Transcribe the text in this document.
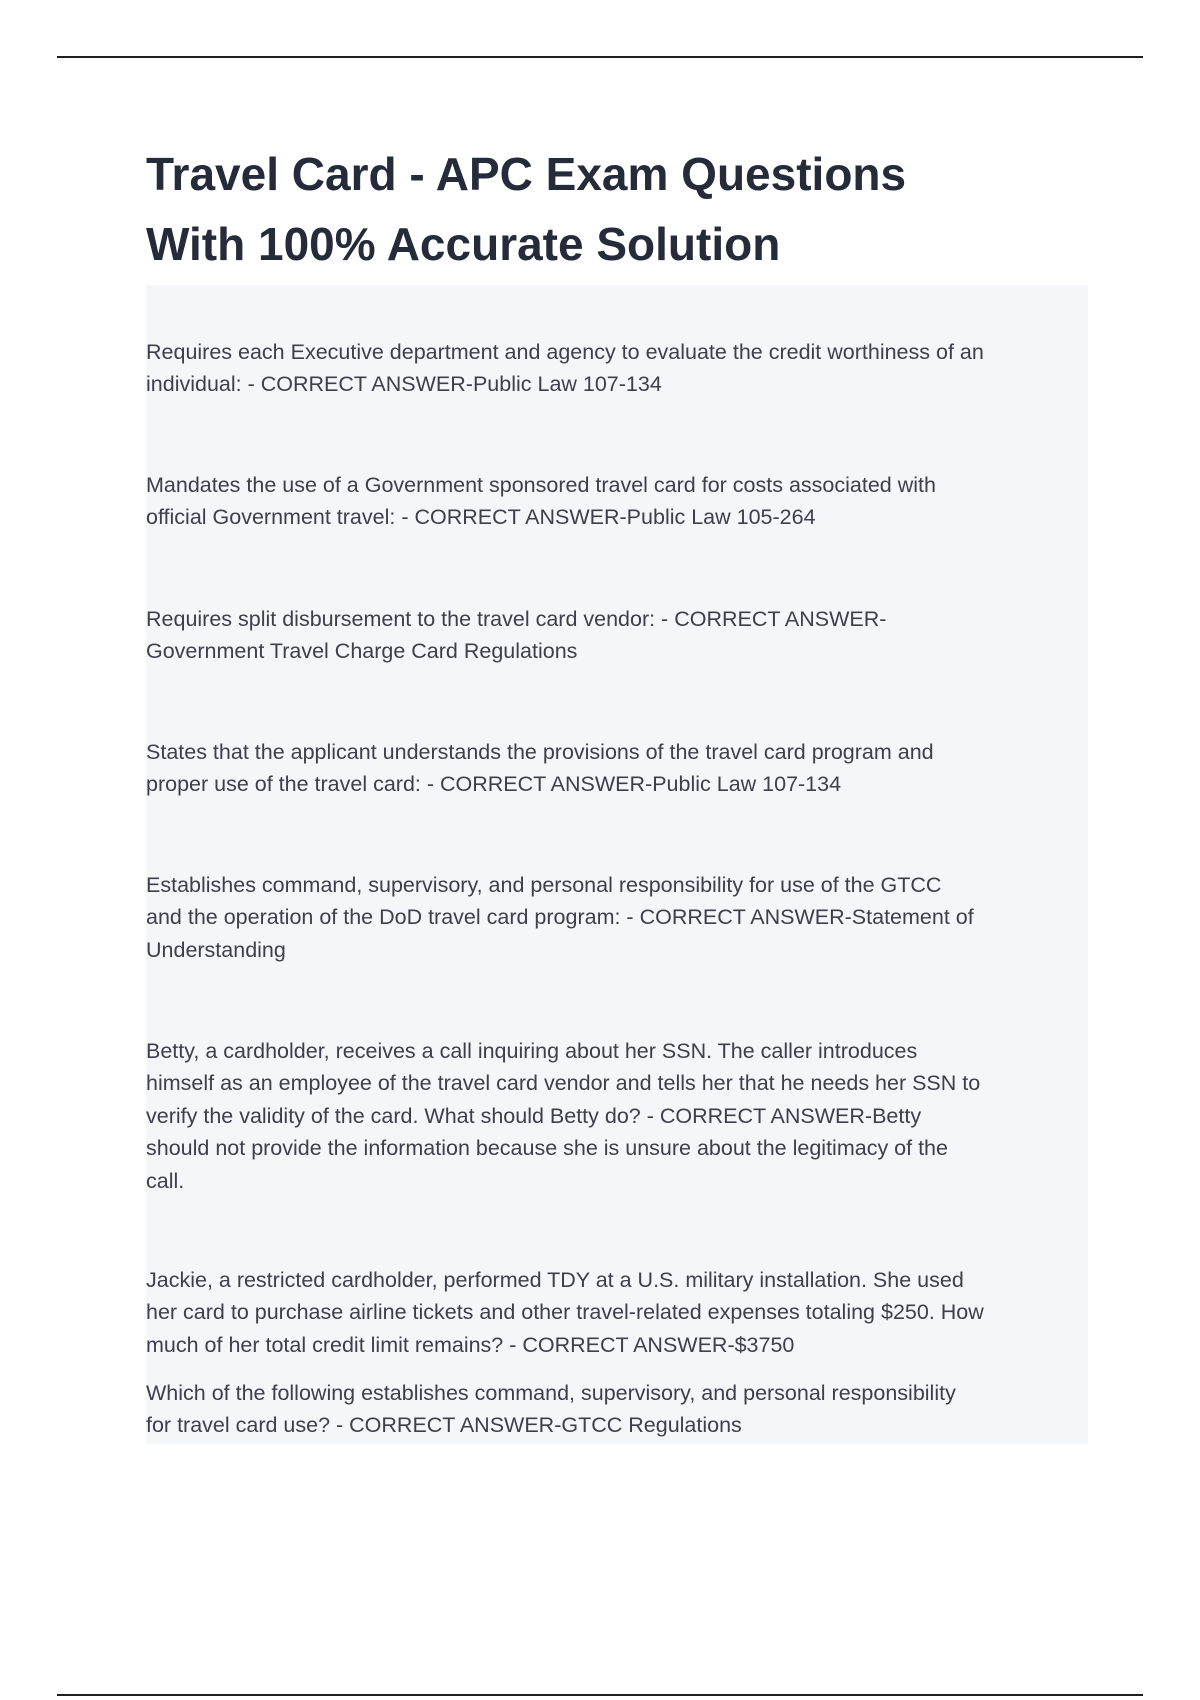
Travel Card - APC Exam Questions
With 100% Accurate Solution

Requires each Executive department and agency to evaluate the credit worthiness of an
individual: - CORRECT ANSWER-Public Law 107-134

Mandates the use of a Government sponsored travel card for costs associated with
official Government travel: - CORRECT ANSWER-Public Law 105-264

Requires split disbursement to the travel card vendor: - CORRECT ANSWER-
Government Travel Charge Card Regulations

States that the applicant understands the provisions of the travel card program and
proper use of the travel card: - CORRECT ANSWER-Public Law 107-134

Establishes command, supervisory, and personal responsibility for use of the GTCC
and the operation of the DoD travel card program: - CORRECT ANSWER-Statement of
Understanding

Betty, a cardholder, receives a call inquiring about her SSN. The caller introduces
himself as an employee of the travel card vendor and tells her that he needs her SSN to
verify the validity of the card. What should Betty do? - CORRECT ANSWER-Betty
should not provide the information because she is unsure about the legitimacy of the
call.

Jackie, a restricted cardholder, performed TDY at a U.S. military installation. She used
her card to purchase airline tickets and other travel-related expenses totaling $250. How
much of her total credit limit remains? - CORRECT ANSWER-$3750

Which of the following establishes command, supervisory, and personal responsibility
for travel card use? - CORRECT ANSWER-GTCC Regulations
